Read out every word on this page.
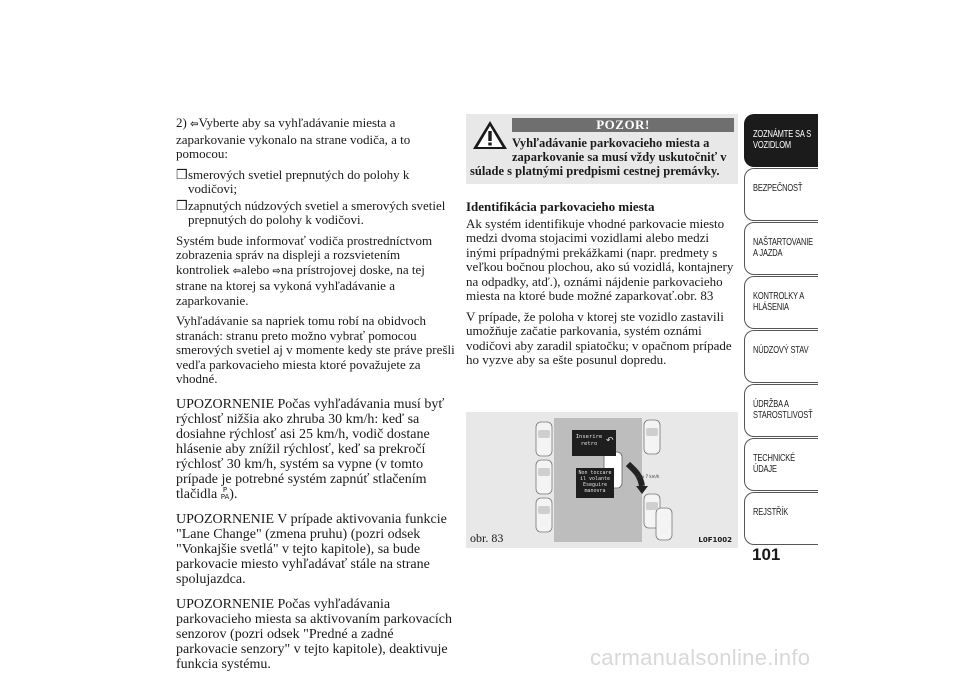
2) ⇦Vyberte aby sa vyhľadávanie miesta a zaparkovanie vykonalo na strane vodiča, a to pomocou:

❒smerových svetiel prepnutých do polohy k vodičovi;

❒zapnutých núdzových svetiel a smerových svetiel prepnutých do polohy k vodičovi.

Systém bude informovať vodiča prostredníctvom zobrazenia správ na displeji a rozsvietením kontroliek ⇦alebo ⇨na prístrojovej doske, na tej strane na ktorej sa vykoná vyhľadávanie a zaparkovanie.

Vyhľadávanie sa napriek tomu robí na obidvoch stranách: stranu preto možno vybrať pomocou smerových svetiel aj v momente kedy ste práve prešli vedľa parkovacieho miesta ktoré považujete za vhodné.

UPOZORNENIE Počas vyhľadávania musí byť rýchlosť nižšia ako zhruba 30 km/h: keď sa dosiahne rýchlosť asi 25 km/h, vodič dostane hlásenie aby znížil rýchlosť, keď sa prekročí rýchlosť 30 km/h, systém sa vypne (v tomto prípade je potrebné systém zapnúť stlačením tlačidla P
PA).

UPOZORNENIE V prípade aktivovania funkcie "Lane Change" (zmena pruhu) (pozri odsek "Vonkajšie svetlá" v tejto kapitole), sa bude parkovacie miesto vyhľadávať stále na strane spolujazdca.

UPOZORNENIE Počas vyhľadávania parkovacieho miesta sa aktivovaním parkovacích senzorov (pozri odsek "Predné a zadné parkovacie senzory" v tejto kapitole), deaktivuje funkcia systému.

POZOR!
Vyhľadávanie parkovacieho miesta a
zaparkovanie sa musí vždy uskutočniť v
súlade s platnými predpismi cestnej premávky.

Identifikácia parkovacieho miesta

Ak systém identifikuje vhodné parkovacie miesto medzi dvoma stojacimi vozidlami alebo medzi inými prípadnými prekážkami (napr. predmety s veľkou bočnou plochou, ako sú vozidlá, kontajnery na odpadky, atď.), oznámi nájdenie parkovacieho miesta na ktoré bude možné zaparkovať.obr. 83

V prípade, že poloha v ktorej ste vozidlo zastavili umožňuje začatie parkovania, systém oznámi vodičovi aby zaradil spiatočku; v opačnom prípade ho vyzve aby sa ešte posunul dopredu.

Inserire
retro ↶
Non toccare
il volante
Eseguire
manovra
Max 7 km/h
obr. 83	L0F1002
ZOZNÁMTE SA S
VOZIDLOM
BEZPEČNOSŤ
NAŠTARTOVANIE
A JAZDA
KONTROLKY A
HLÁSENIA
NÚDZOVÝ STAV
ÚDRŽBA A
STAROSTLIVOSŤ
TECHNICKÉ
ÚDAJE
REJSTŘÍK
101
carmanualsonline.info
